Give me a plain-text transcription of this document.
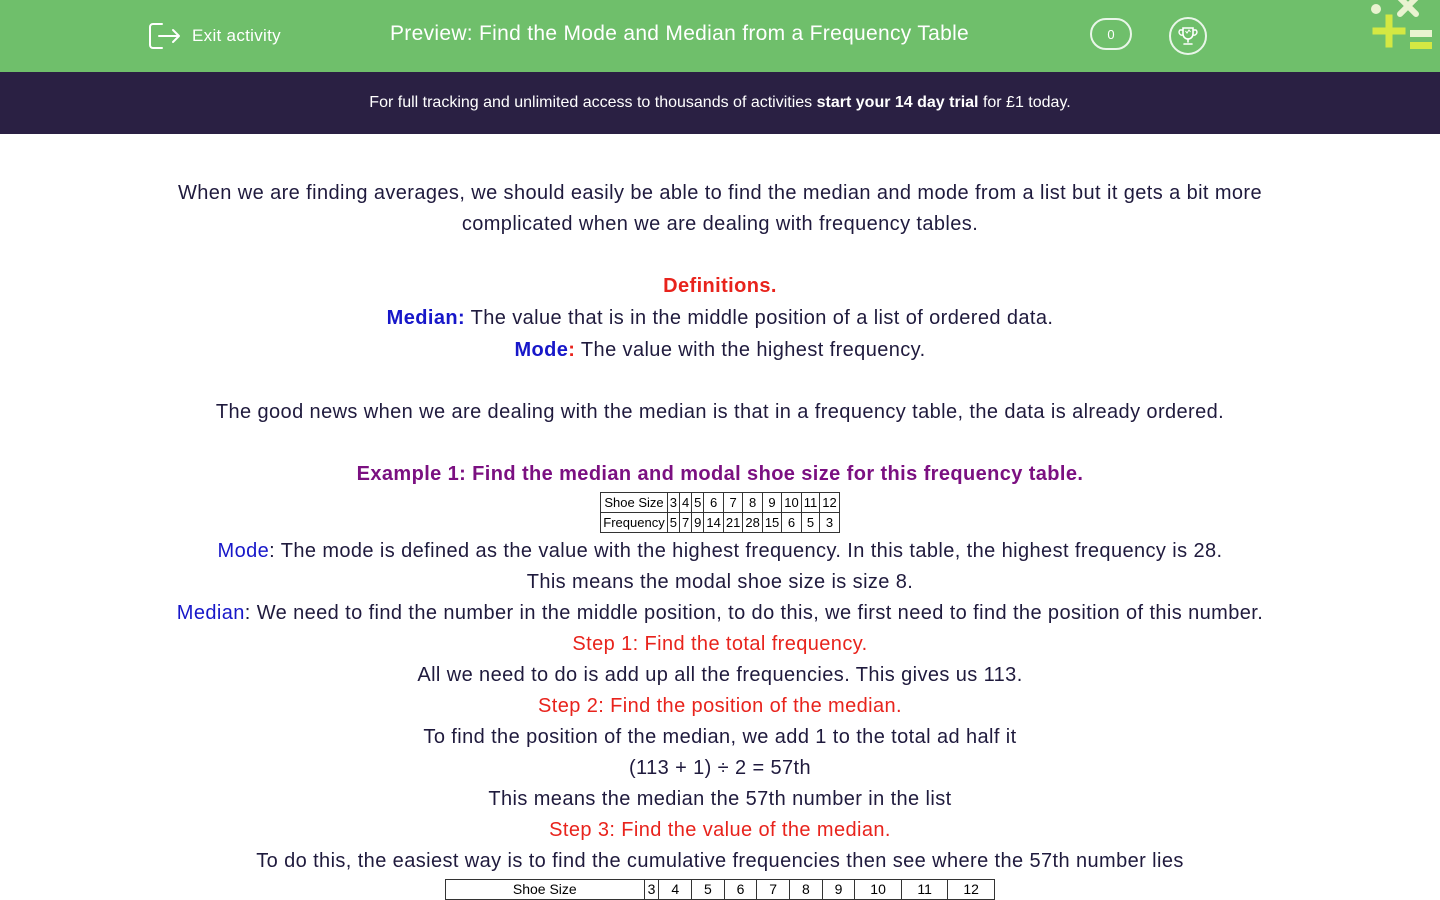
Exit activity	Preview: Find the Mode and Median from a Frequency Table	0
For full tracking and unlimited access to thousands of activities
start your 14 day trial
for £1 today.

When we are finding averages, we should easily be able to find the median and mode from a list but it gets a bit more complicated when we are dealing with frequency tables.

Definitions.

Median: The value that is in the middle position of a list of ordered data.

Mode: The value with the highest frequency.

The good news when we are dealing with the median is that in a frequency table, the data is already ordered.

Example 1: Find the median and modal shoe size for this frequency table.

Shoe Size	3	4	5	6	7	8	9	10	11	12
Frequency	5	7	9	14	21	28	15	6	5	3

Mode: The mode is defined as the value with the highest frequency. In this table, the highest frequency is 28.

This means the modal shoe size is size 8.

Median: We need to find the number in the middle position, to do this, we first need to find the position of this number.

Step 1: Find the total frequency.

All we need to do is add up all the frequencies. This gives us 113.

Step 2: Find the position of the median.

To find the position of the median, we add 1 to the total ad half it

(113 + 1) ÷ 2 = 57th

This means the median the 57th number in the list

Step 3: Find the value of the median.

To do this, the easiest way is to find the cumulative frequencies then see where the 57th number lies

Shoe Size	3	4	5	6	7	8	9	10	11	12
